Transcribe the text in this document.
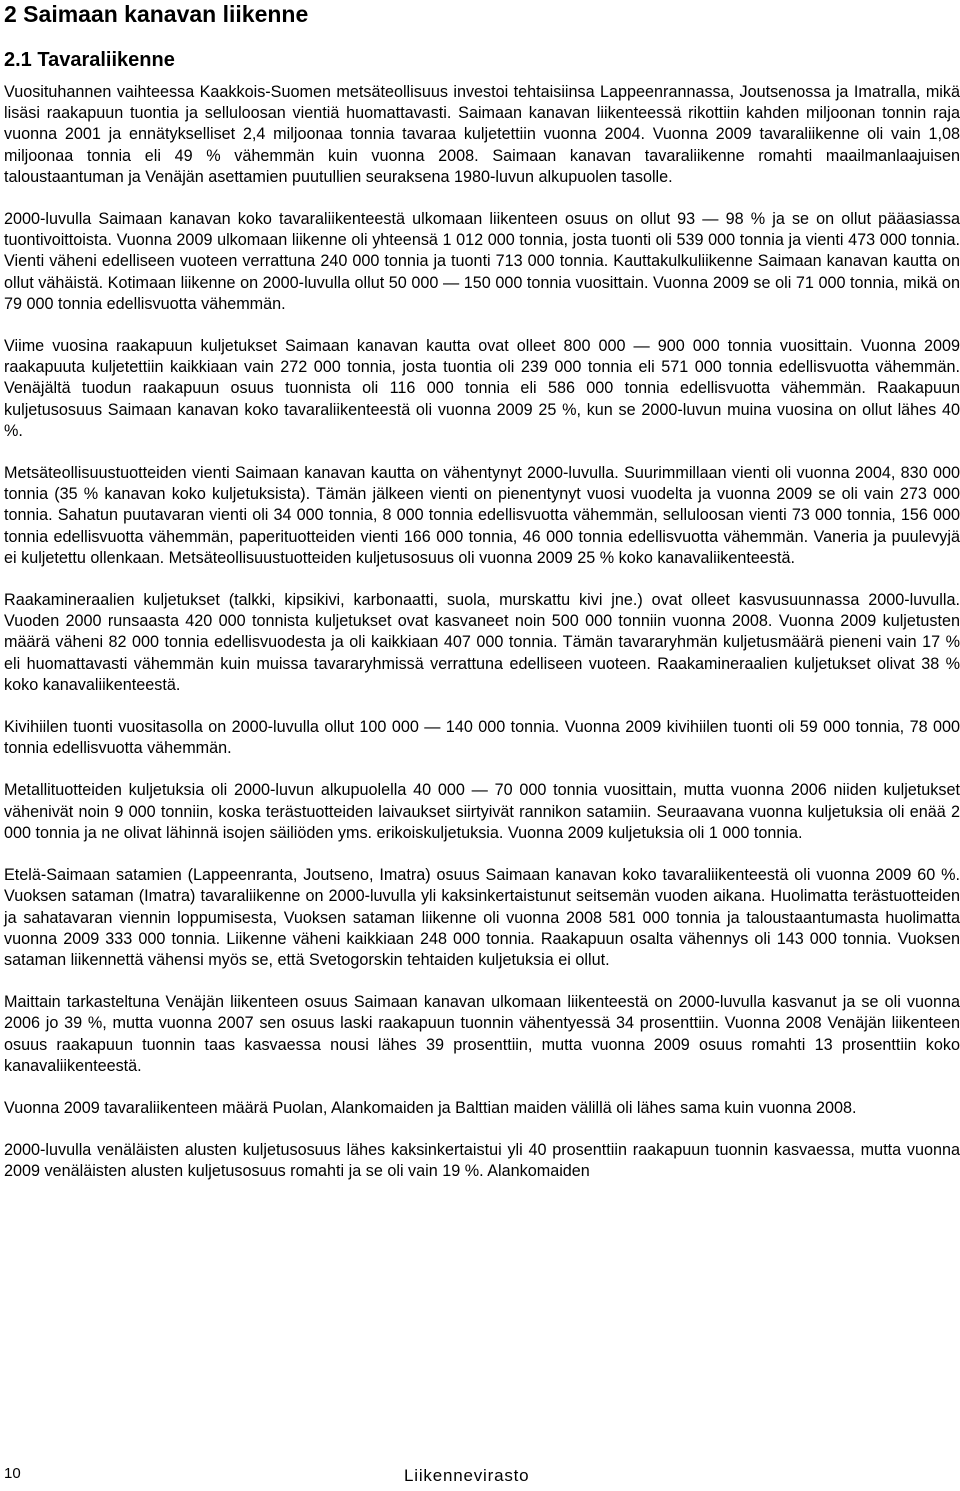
2 Saimaan kanavan liikenne
2.1 Tavaraliikenne

Vuosituhannen vaihteessa Kaakkois-Suomen metsäteollisuus investoi tehtaisiinsa Lappeenrannassa, Joutsenossa ja Imatralla, mikä lisäsi raakapuun tuontia ja selluloosan vientiä huomattavasti. Saimaan kanavan liikenteessä rikottiin kahden miljoonan tonnin raja vuonna 2001 ja ennätykselliset 2,4 miljoonaa tonnia tavaraa kuljetettiin vuonna 2004. Vuonna 2009 tavaraliikenne oli vain 1,08 miljoonaa tonnia eli 49 % vähemmän kuin vuonna 2008. Saimaan kanavan tavaraliikenne romahti maailmanlaajuisen taloustaantuman ja Venäjän asettamien puutullien seuraksena 1980-luvun alkupuolen tasolle.

2000-luvulla Saimaan kanavan koko tavaraliikenteestä ulkomaan liikenteen osuus on ollut 93 — 98 % ja se on ollut pääasiassa tuontivoittoista. Vuonna 2009 ulkomaan liikenne oli yhteensä 1 012 000 tonnia, josta tuonti oli 539 000 tonnia ja vienti 473 000 tonnia. Vienti väheni edelliseen vuoteen verrattuna 240 000 tonnia ja tuonti 713 000 tonnia. Kauttakulkuliikenne Saimaan kanavan kautta on ollut vähäistä. Kotimaan liikenne on 2000-luvulla ollut 50 000 — 150 000 tonnia vuosittain. Vuonna 2009 se oli 71 000 tonnia, mikä on 79 000 tonnia edellisvuotta vähemmän.

Viime vuosina raakapuun kuljetukset Saimaan kanavan kautta ovat olleet 800 000 — 900 000 tonnia vuosittain. Vuonna 2009 raakapuuta kuljetettiin kaikkiaan vain 272 000 tonnia, josta tuontia oli 239 000 tonnia eli 571 000 tonnia edellisvuotta vähemmän. Venäjältä tuodun raakapuun osuus tuonnista oli 116 000 tonnia eli 586 000 tonnia edellisvuotta vähemmän. Raakapuun kuljetusosuus Saimaan kanavan koko tavaraliikenteestä oli vuonna 2009 25 %, kun se 2000-luvun muina vuosina on ollut lähes 40 %.

Metsäteollisuustuotteiden vienti Saimaan kanavan kautta on vähentynyt 2000-luvulla. Suurimmillaan vienti oli vuonna 2004, 830 000 tonnia (35 % kanavan koko kuljetuksista). Tämän jälkeen vienti on pienentynyt vuosi vuodelta ja vuonna 2009 se oli vain 273 000 tonnia. Sahatun puutavaran vienti oli 34 000 tonnia, 8 000 tonnia edellisvuotta vähemmän, selluloosan vienti 73 000 tonnia, 156 000 tonnia edellisvuotta vähemmän, paperituotteiden vienti 166 000 tonnia, 46 000 tonnia edellisvuotta vähemmän. Vaneria ja puulevyjä ei kuljetettu ollenkaan. Metsäteollisuustuotteiden kuljetusosuus oli vuonna 2009 25 % koko kanavaliikenteestä.

Raakamineraalien kuljetukset (talkki, kipsikivi, karbonaatti, suola, murskattu kivi jne.) ovat olleet kasvusuunnassa 2000-luvulla. Vuoden 2000 runsaasta 420 000 tonnista kuljetukset ovat kasvaneet noin 500 000 tonniin vuonna 2008. Vuonna 2009 kuljetusten määrä väheni 82 000 tonnia edellisvuodesta ja oli kaikkiaan 407 000 tonnia. Tämän tavararyhmän kuljetusmäärä pieneni vain 17 % eli huomattavasti vähemmän kuin muissa tavararyhmissä verrattuna edelliseen vuoteen. Raakamineraalien kuljetukset olivat 38 % koko kanavaliikenteestä.

Kivihiilen tuonti vuositasolla on 2000-luvulla ollut 100 000 — 140 000 tonnia. Vuonna 2009 kivihiilen tuonti oli 59 000 tonnia, 78 000 tonnia edellisvuotta vähemmän.

Metallituotteiden kuljetuksia oli 2000-luvun alkupuolella 40 000 — 70 000 tonnia vuosittain, mutta vuonna 2006 niiden kuljetukset vähenivät noin 9 000 tonniin, koska terästuotteiden laivaukset siirtyivät rannikon satamiin. Seuraavana vuonna kuljetuksia oli enää 2 000 tonnia ja ne olivat lähinnä isojen säiliöden yms. erikoiskuljetuksia. Vuonna 2009 kuljetuksia oli 1 000 tonnia.

Etelä-Saimaan satamien (Lappeenranta, Joutseno, Imatra) osuus Saimaan kanavan koko tavaraliikenteestä oli vuonna 2009 60 %. Vuoksen sataman (Imatra) tavaraliikenne on 2000-luvulla yli kaksinkertaistunut seitsemän vuoden aikana. Huolimatta terästuotteiden ja sahatavaran viennin loppumisesta, Vuoksen sataman liikenne oli vuonna 2008 581 000 tonnia ja taloustaantumasta huolimatta vuonna 2009 333 000 tonnia. Liikenne väheni kaikkiaan 248 000 tonnia. Raakapuun osalta vähennys oli 143 000 tonnia. Vuoksen sataman liikennettä vähensi myös se, että Svetogorskin tehtaiden kuljetuksia ei ollut.

Maittain tarkasteltuna Venäjän liikenteen osuus Saimaan kanavan ulkomaan liikenteestä on 2000-luvulla kasvanut ja se oli vuonna 2006 jo 39 %, mutta vuonna 2007 sen osuus laski raakapuun tuonnin vähentyessä 34 prosenttiin. Vuonna 2008 Venäjän liikenteen osuus raakapuun tuonnin taas kasvaessa nousi lähes 39 prosenttiin, mutta vuonna 2009 osuus romahti 13 prosenttiin koko kanavaliikenteestä.

Vuonna 2009 tavaraliikenteen määrä Puolan, Alankomaiden ja Balttian maiden välillä oli lähes sama kuin vuonna 2008.

2000-luvulla venäläisten alusten kuljetusosuus lähes kaksinkertaistui yli 40 prosenttiin raakapuun tuonnin kasvaessa, mutta vuonna 2009 venäläisten alusten kuljetusosuus romahti ja se oli vain 19 %. Alankomaiden

10	Liikennevirasto
